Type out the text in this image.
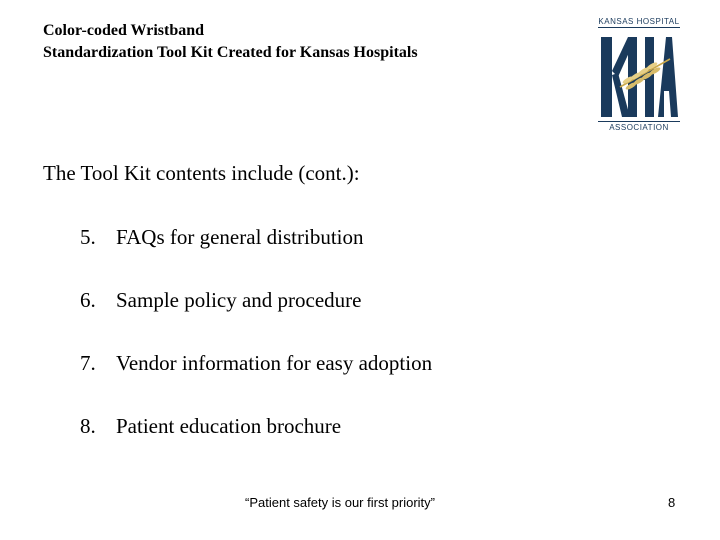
Color-coded Wristband
Standardization Tool Kit Created for Kansas Hospitals
KANSAS HOSPITAL
ASSOCIATION
The Tool Kit contents include (cont.):
5. FAQs for general distribution
6. Sample policy and procedure
7. Vendor information for easy adoption
8. Patient education brochure
“Patient safety is our first priority”	8
